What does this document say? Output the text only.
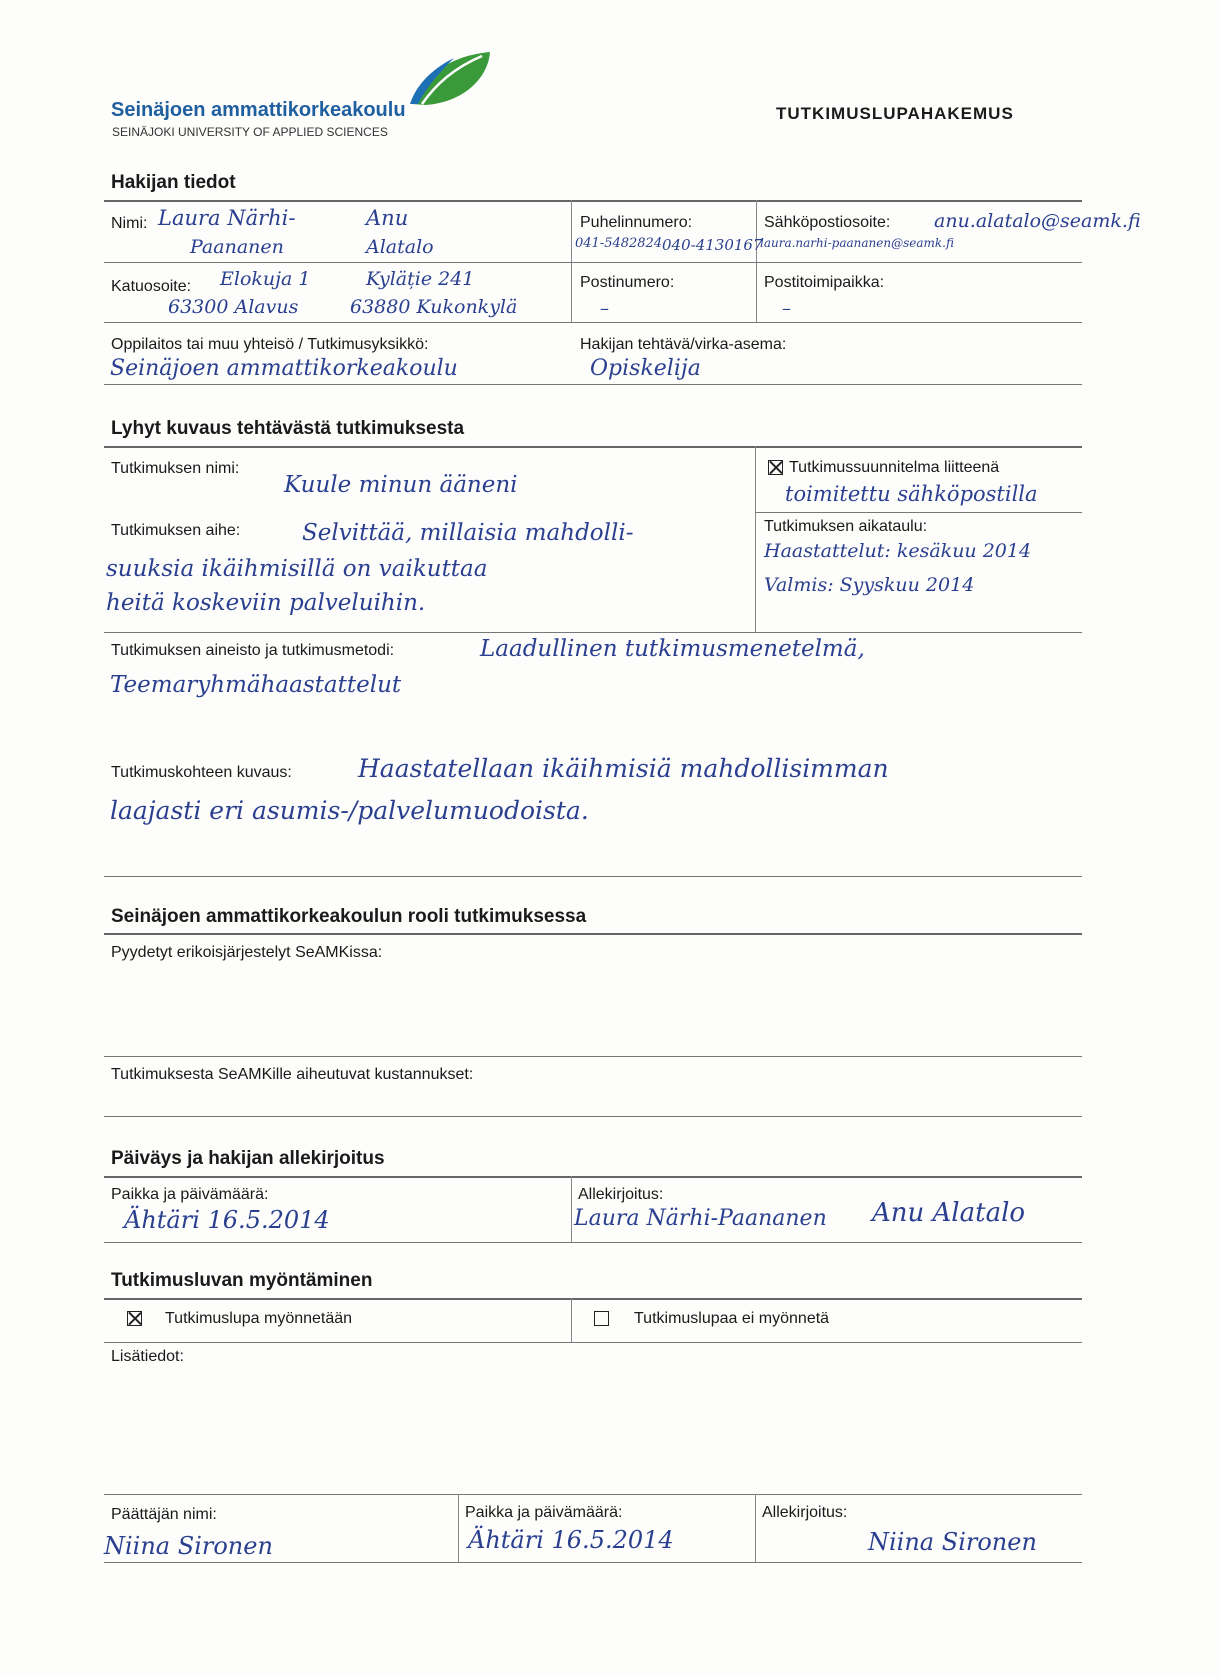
Seinäjoen ammattikorkeakoulu
SEINÄJOKI UNIVERSITY OF APPLIED SCIENCES
TUTKIMUSLUPAHAKEMUS
Hakijan tiedot
Nimi: Laura Närhi-
Paananen
Anu
Alatalo
Puhelinnumero:
041-5482824 040-4130167
Sähköpostiosoite:
laura.narhi-paananen@seamk.fi
anu.alatalo@seamk.fi
Katuosoite: Elokuja 1
63300 Alavus
Kyläție 241
63880 Kukonkylä
Postinumero:
–
Postitoimipaikka:
–
Oppilaitos tai muu yhteisö / Tutkimusyksikkö:
Seinäjoen ammattikorkeakoulu
Hakijan tehtävä/virka-asema:
Opiskelija
Lyhyt kuvaus tehtävästä tutkimuksesta
Tutkimuksen nimi:
Kuule minun ääneni
Tutkimussuunnitelma liitteenä
toimitettu sähköpostilla
Tutkimuksen aihe:	Selvittää, millaisia mahdolli-
suuksia ikäihmisillä on vaikuttaa
heitä koskeviin palveluihin.
Tutkimuksen aikataulu:
Haastattelut: kesäkuu 2014
Valmis: Syyskuu 2014
Tutkimuksen aineisto ja tutkimusmetodi:	Laadullinen tutkimusmenetelmä,
Teemaryhmähaastattelut
Tutkimuskohteen kuvaus:	Haastatellaan ikäihmisiä mahdollisimman
laajasti eri asumis-/palvelumuodoista.
Seinäjoen ammattikorkeakoulun rooli tutkimuksessa
Pyydetyt erikoisjärjestelyt SeAMKissa:
Tutkimuksesta SeAMKille aiheutuvat kustannukset:
Päiväys ja hakijan allekirjoitus
Paikka ja päivämäärä:
Ähtäri 16.5.2014
Allekirjoitus:
Laura Närhi-Paananen Anu Alatalo
Tutkimusluvan myöntäminen
Tutkimuslupa myönnetään	Tutkimuslupaa ei myönnetä
Lisätiedot:
Päättäjän nimi:
Niina Sironen
Paikka ja päivämäärä:
Ähtäri 16.5.2014
Allekirjoitus:
Niina Sironen
